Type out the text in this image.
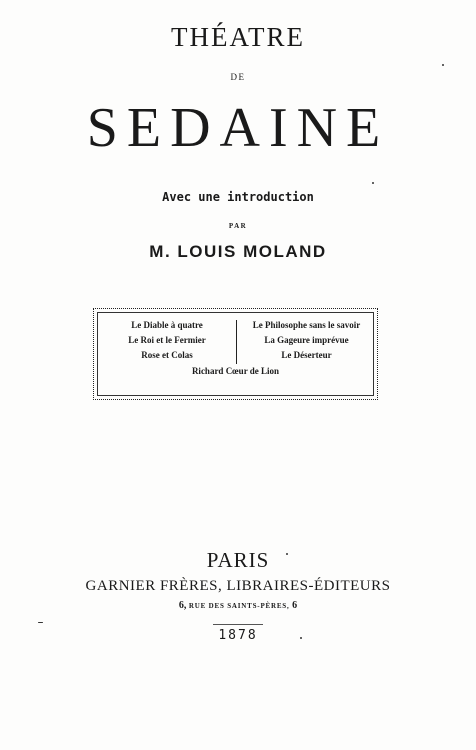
THÉATRE
DE
SEDAINE
Avec une introduction
PAR
M. LOUIS MOLAND
Le Diable à quatre
Le Roi et le Fermier
Rose et Colas
Le Philosophe sans le savoir
La Gageure imprévue
Le Déserteur
Richard Cœur de Lion
PARIS
GARNIER FRÈRES, LIBRAIRES-ÉDITEURS
6, RUE DES SAINTS-PÈRES, 6
1878
